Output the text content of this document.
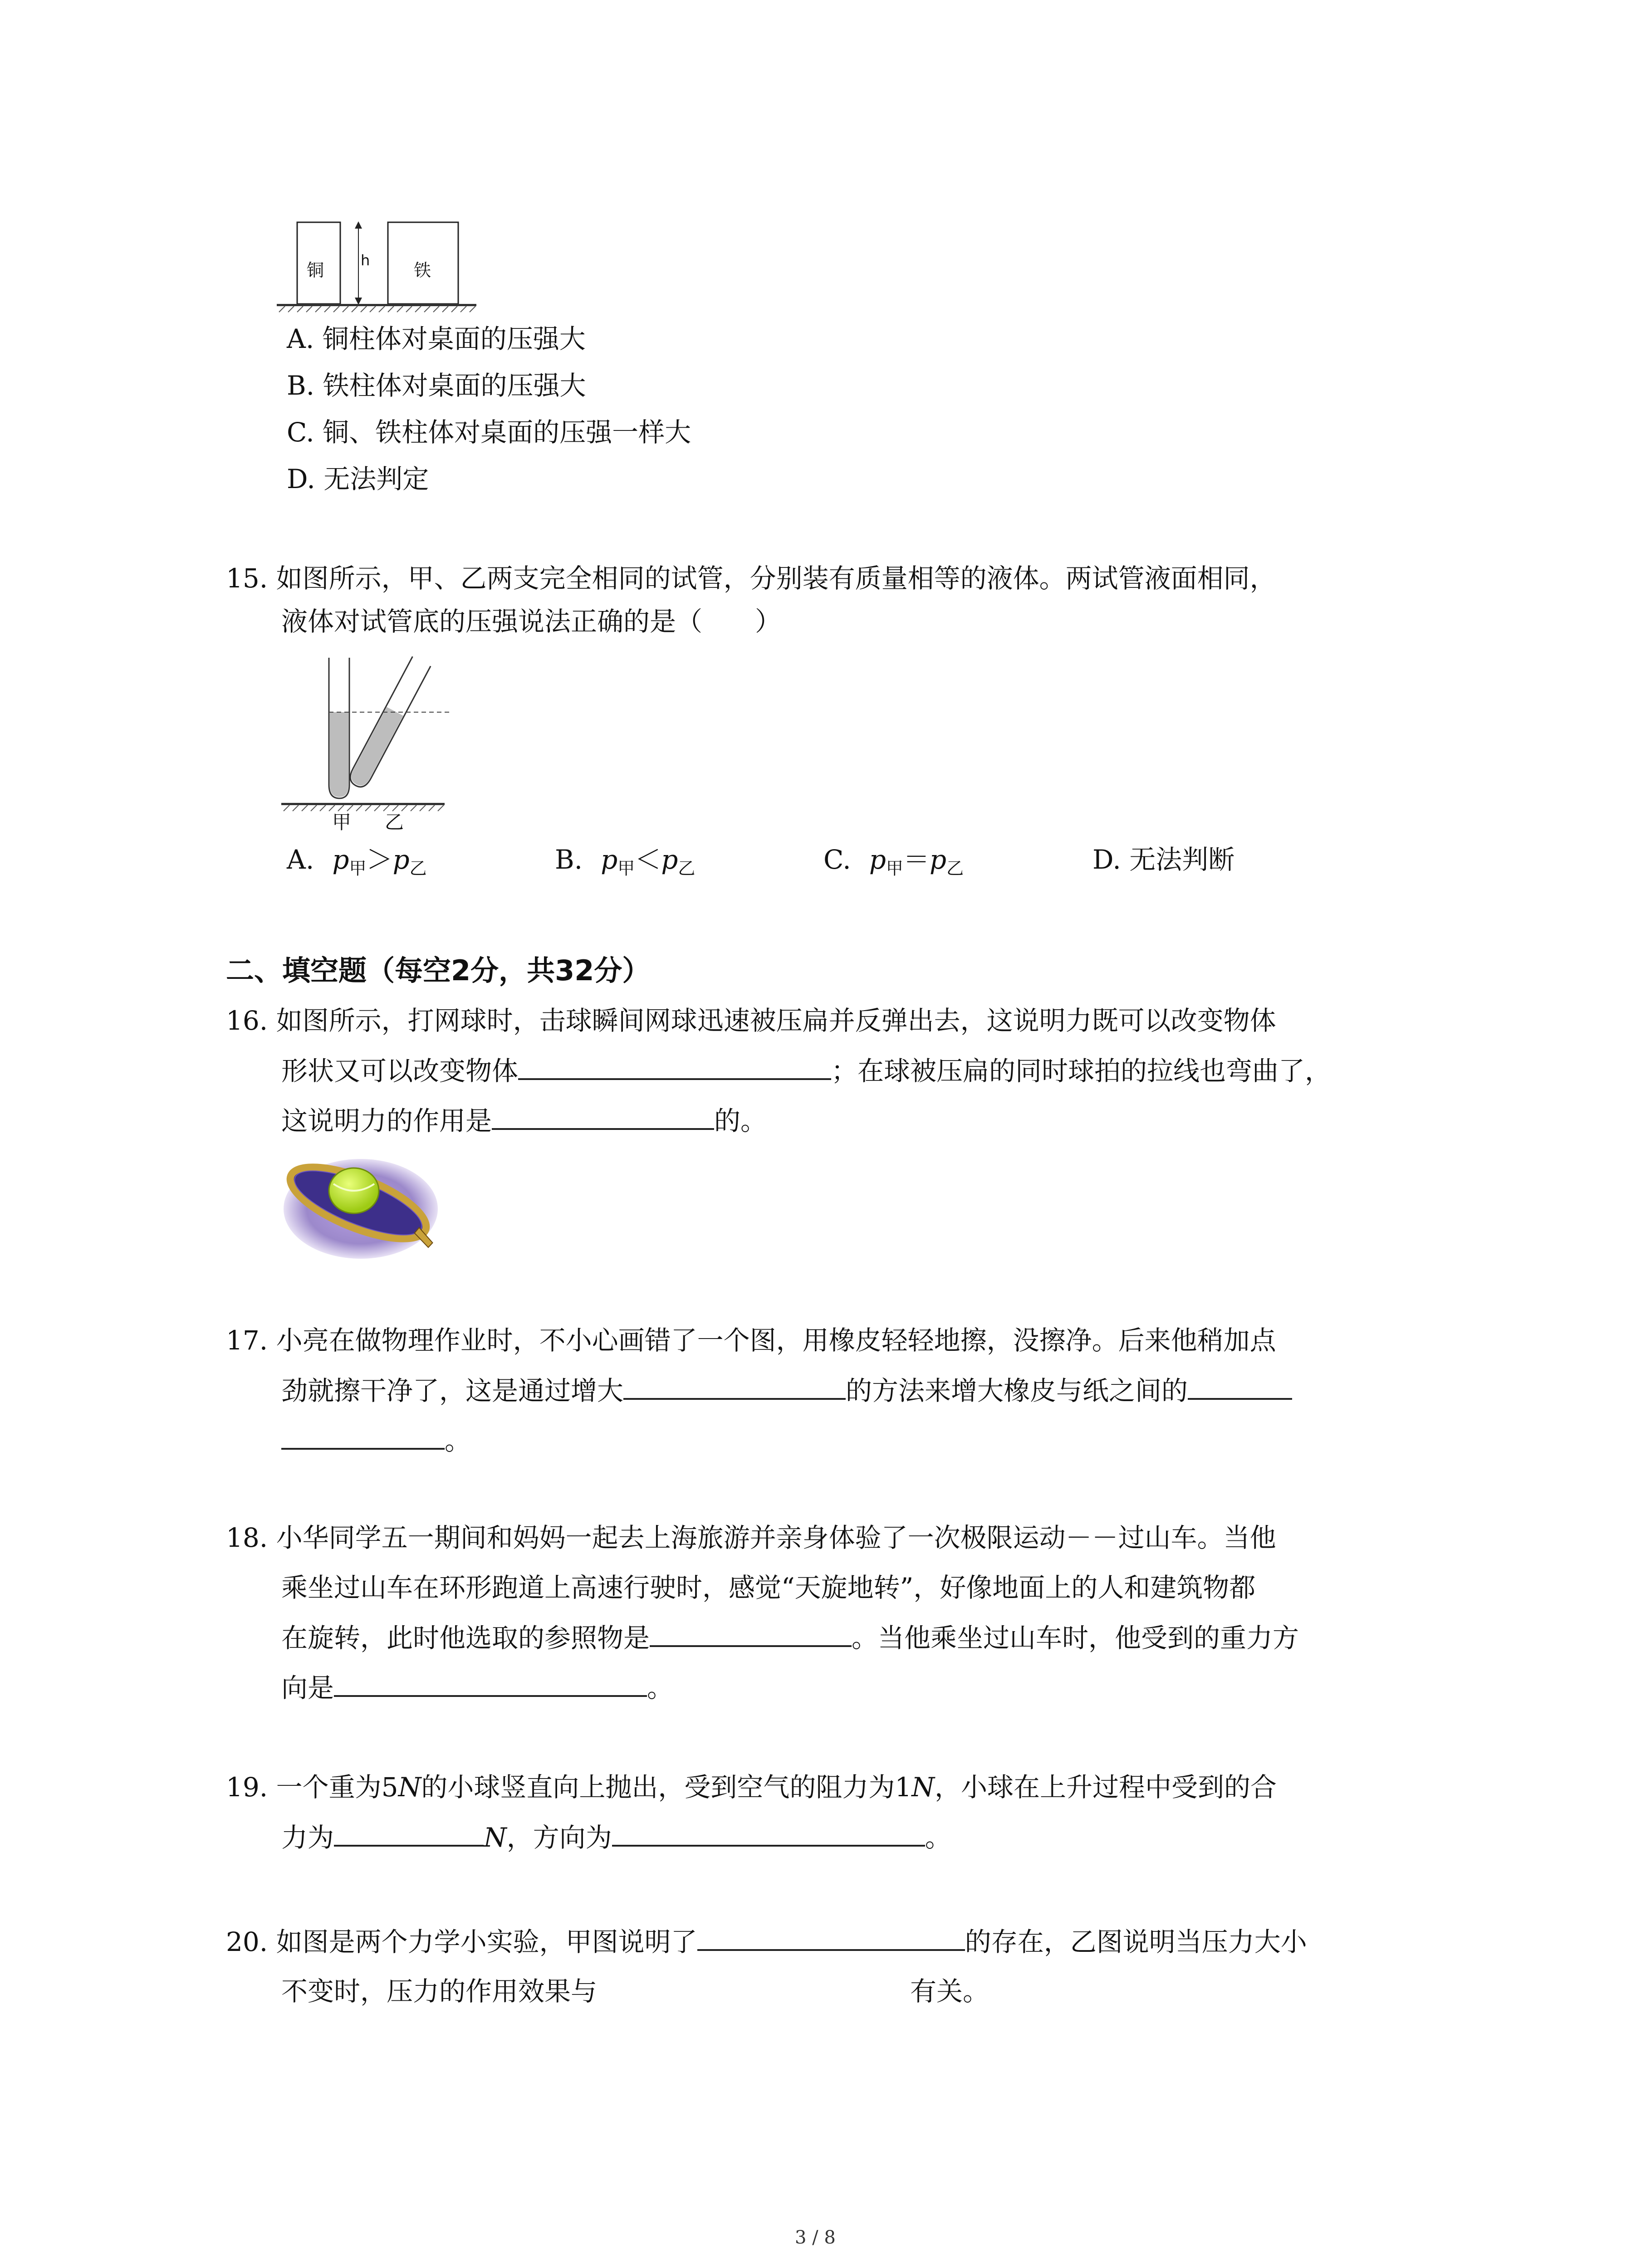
铜	铁
h
A. 铜柱体对桌面的压强大
B. 铁柱体对桌面的压强大
C. 铜、铁柱体对桌面的压强一样大
D. 无法判定
15. 如图所示，甲、乙两支完全相同的试管，分别装有质量相等的液体。两试管液面相同，
液体对试管底的压强说法正确的是（　　）
甲 乙
A. $p_甲>p_乙$	B. $p_甲<p_乙$	C. $p_甲=p_乙$	D. 无法判断
二、填空题（每空2分，共32分）
16. 如图所示，打网球时，击球瞬间网球迅速被压扁并反弹出去，这说明力既可以改变物体
形状又可以改变物体	；在球被压扁的同时球拍的拉线也弯曲了，
这说明力的作用是	的。
17. 小亮在做物理作业时，不小心画错了一个图，用橡皮轻轻地擦，没擦净。后来他稍加点
劲就擦干净了，这是通过增大	的方法来增大橡皮与纸之间的
。
18. 小华同学五一期间和妈妈一起去上海旅游并亲身体验了一次极限运动－－过山车。当他
乘坐过山车在环形跑道上高速行驶时，感觉“天旋地转”，好像地面上的人和建筑物都
在旋转，此时他选取的参照物是	。当他乘坐过山车时，他受到的重力方
向是	。
19. 一个重为5N的小球竖直向上抛出，受到空气的阻力为1N，小球在上升过程中受到的合
力为	N，方向为	。
20. 如图是两个力学小实验，甲图说明了	的存在，乙图说明当压力大小
不变时，压力的作用效果与	有关。
3 / 8
